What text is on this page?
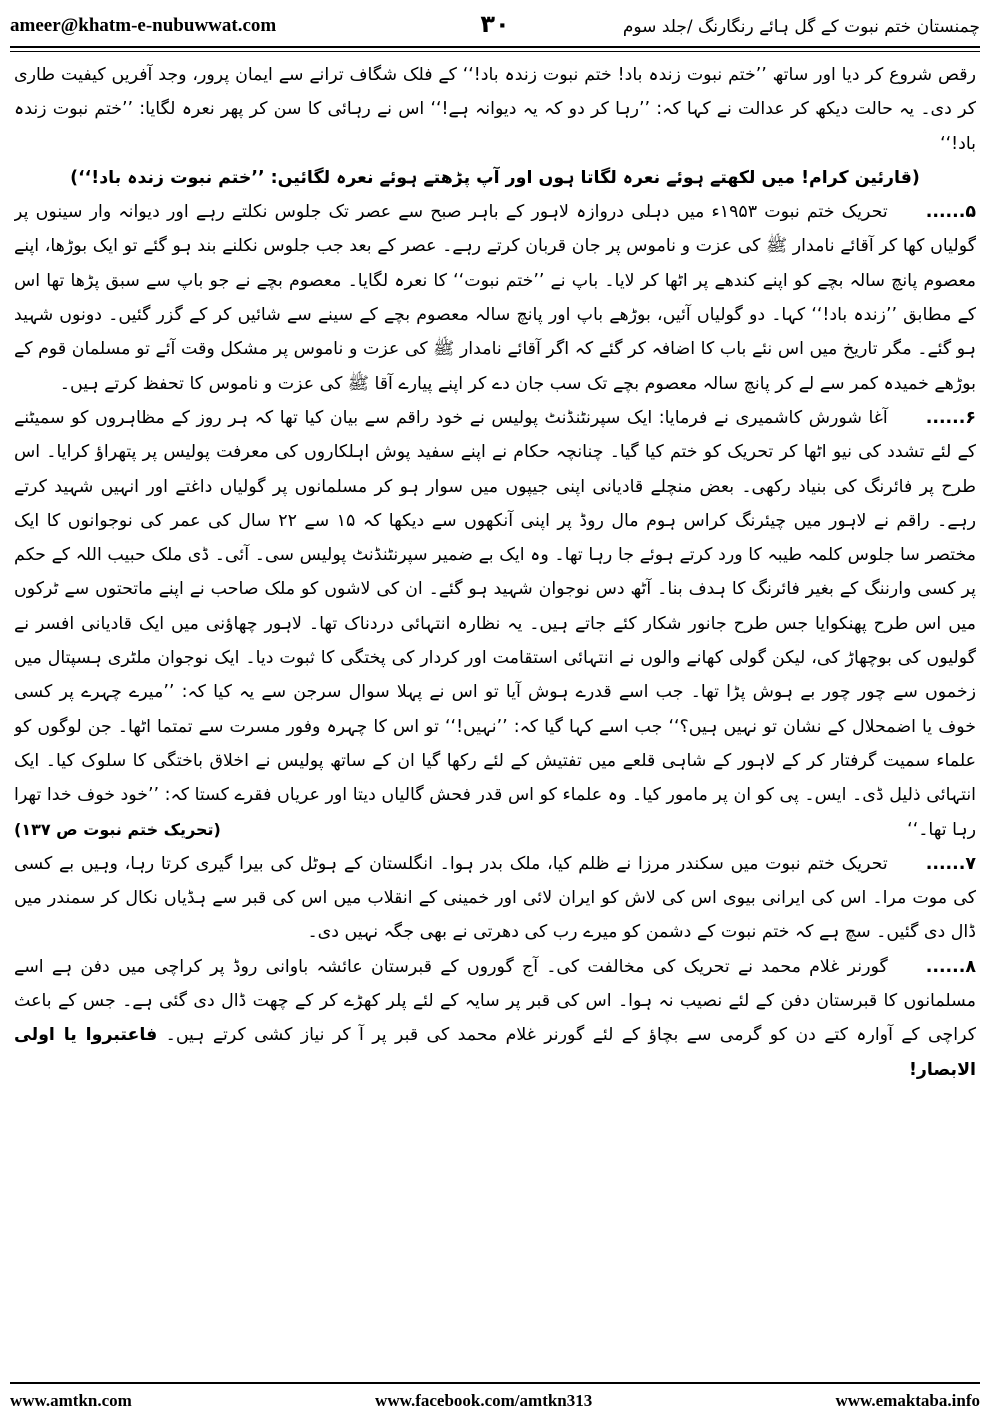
ameer@khatm-e-nubuwwat.com	۳۰	چمنستان ختم نبوت کے گل ہائے رنگارنگ /جلد سوم

رقص شروع کر دیا اور ساتھ ’’ختم نبوت زندہ باد! ختم نبوت زندہ باد!‘‘ کے فلک شگاف ترانے سے ایمان پرور، وجد آفریں کیفیت طاری کر دی۔ یہ حالت دیکھ کر عدالت نے کہا کہ: ’’رہا کر دو کہ یہ دیوانہ ہے!‘‘ اس نے رہائی کا سن کر پھر نعرہ لگایا: ’’ختم نبوت زندہ باد!‘‘

(قارئین کرام! میں لکھتے ہوئے نعرہ لگاتا ہوں اور آپ پڑھتے ہوئے نعرہ لگائیں: ’’ختم نبوت زندہ باد!‘‘)

۵......تحریک ختم نبوت ۱۹۵۳ء میں دہلی دروازہ لاہور کے باہر صبح سے عصر تک جلوس نکلتے رہے اور دیوانہ وار سینوں پر گولیاں کھا کر آقائے نامدار ﷺ کی عزت و ناموس پر جان قربان کرتے رہے۔ عصر کے بعد جب جلوس نکلنے بند ہو گئے تو ایک بوڑھا، اپنے معصوم پانچ سالہ بچے کو اپنے کندھے پر اٹھا کر لایا۔ باپ نے ’’ختم نبوت‘‘ کا نعرہ لگایا۔ معصوم بچے نے جو باپ سے سبق پڑھا تھا اس کے مطابق ’’زندہ باد!‘‘ کہا۔ دو گولیاں آئیں، بوڑھے باپ اور پانچ سالہ معصوم بچے کے سینے سے شائیں کر کے گزر گئیں۔ دونوں شہید ہو گئے۔ مگر تاریخ میں اس نئے باب کا اضافہ کر گئے کہ اگر آقائے نامدار ﷺ کی عزت و ناموس پر مشکل وقت آئے تو مسلمان قوم کے بوڑھے خمیدہ کمر سے لے کر پانچ سالہ معصوم بچے تک سب جان دے کر اپنے پیارے آقا ﷺ کی عزت و ناموس کا تحفظ کرتے ہیں۔

۶......آغا شورش کاشمیری نے فرمایا: ایک سپرنٹنڈنٹ پولیس نے خود راقم سے بیان کیا تھا کہ ہر روز کے مظاہروں کو سمیٹنے کے لئے تشدد کی نیو اٹھا کر تحریک کو ختم کیا گیا۔ چنانچہ حکام نے اپنے سفید پوش اہلکاروں کی معرفت پولیس پر پتھراؤ کرایا۔ اس طرح پر فائرنگ کی بنیاد رکھی۔ بعض منچلے قادیانی اپنی جیپوں میں سوار ہو کر مسلمانوں پر گولیاں داغتے اور انہیں شہید کرتے رہے۔ راقم نے لاہور میں چیئرنگ کراس ہوم مال روڈ پر اپنی آنکھوں سے دیکھا کہ ۱۵ سے ۲۲ سال کی عمر کی نوجوانوں کا ایک مختصر سا جلوس کلمہ طیبہ کا ورد کرتے ہوئے جا رہا تھا۔ وہ ایک بے ضمیر سپرنٹنڈنٹ پولیس سی۔ آئی۔ ڈی ملک حبیب اللہ کے حکم پر کسی وارننگ کے بغیر فائرنگ کا ہدف بنا۔ آٹھ دس نوجوان شہید ہو گئے۔ ان کی لاشوں کو ملک صاحب نے اپنے ماتحتوں سے ٹرکوں میں اس طرح پھنکوایا جس طرح جانور شکار کئے جاتے ہیں۔ یہ نظارہ انتہائی دردناک تھا۔ لاہور چھاؤنی میں ایک قادیانی افسر نے گولیوں کی بوچھاڑ کی، لیکن گولی کھانے والوں نے انتہائی استقامت اور کردار کی پختگی کا ثبوت دیا۔ ایک نوجوان ملٹری ہسپتال میں زخموں سے چور چور بے ہوش پڑا تھا۔ جب اسے قدرے ہوش آیا تو اس نے پہلا سوال سرجن سے یہ کیا کہ: ’’میرے چہرے پر کسی خوف یا اضمحلال کے نشان تو نہیں ہیں؟‘‘ جب اسے کہا گیا کہ: ’’نہیں!‘‘ تو اس کا چہرہ وفور مسرت سے تمتما اٹھا۔ جن لوگوں کو علماء سمیت گرفتار کر کے لاہور کے شاہی قلعے میں تفتیش کے لئے رکھا گیا ان کے ساتھ پولیس نے اخلاق باختگی کا سلوک کیا۔ ایک انتہائی ذلیل ڈی۔ ایس۔ پی کو ان پر مامور کیا۔ وہ علماء کو اس قدر فحش گالیاں دیتا اور عریاں فقرے کستا کہ: ’’خود خوف خدا تھرا رہا تھا۔‘‘
(تحریک ختم نبوت ص ۱۳۷)

۷......تحریک ختم نبوت میں سکندر مرزا نے ظلم کیا، ملک بدر ہوا۔ انگلستان کے ہوٹل کی بیرا گیری کرتا رہا، وہیں بے کسی کی موت مرا۔ اس کی ایرانی بیوی اس کی لاش کو ایران لائی اور خمینی کے انقلاب میں اس کی قبر سے ہڈیاں نکال کر سمندر میں ڈال دی گئیں۔ سچ ہے کہ ختم نبوت کے دشمن کو میرے رب کی دھرتی نے بھی جگہ نہیں دی۔

۸......گورنر غلام محمد نے تحریک کی مخالفت کی۔ آج گوروں کے قبرستان عائشہ باوانی روڈ پر کراچی میں دفن ہے اسے مسلمانوں کا قبرستان دفن کے لئے نصیب نہ ہوا۔ اس کی قبر پر سایہ کے لئے پلر کھڑے کر کے چھت ڈال دی گئی ہے۔ جس کے باعث کراچی کے آوارہ کتے دن کو گرمی سے بچاؤ کے لئے گورنر غلام محمد کی قبر پر آ کر نیاز کشی کرتے ہیں۔ فاعتبروا یا اولی الابصار!

www.amtkn.com	www.facebook.com/amtkn313	www.emaktaba.info
